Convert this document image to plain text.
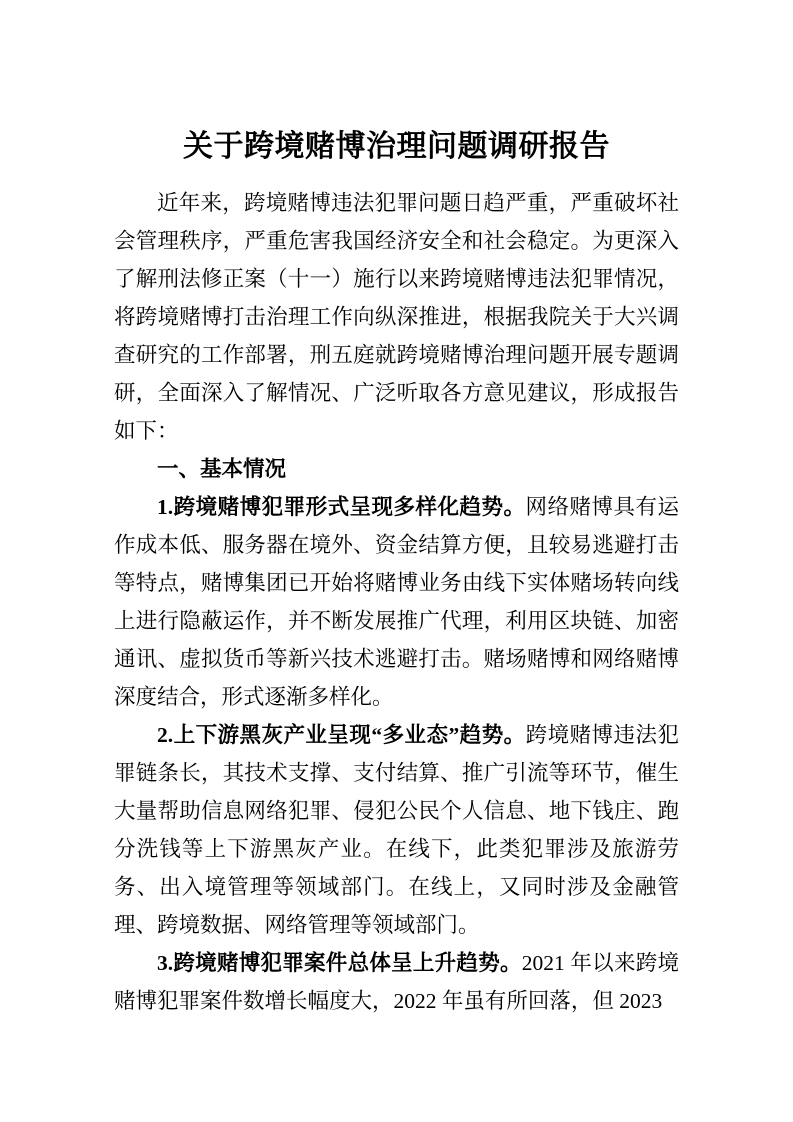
关于跨境赌博治理问题调研报告

近年来，跨境赌博违法犯罪问题日趋严重，严重破坏社会管理秩序，严重危害我国经济安全和社会稳定。为更深入了解刑法修正案（十一）施行以来跨境赌博违法犯罪情况，将跨境赌博打击治理工作向纵深推进，根据我院关于大兴调查研究的工作部署，刑五庭就跨境赌博治理问题开展专题调研，全面深入了解情况、广泛听取各方意见建议，形成报告如下：

一、基本情况

1.跨境赌博犯罪形式呈现多样化趋势。网络赌博具有运作成本低、服务器在境外、资金结算方便，且较易逃避打击等特点，赌博集团已开始将赌博业务由线下实体赌场转向线上进行隐蔽运作，并不断发展推广代理，利用区块链、加密通讯、虚拟货币等新兴技术逃避打击。赌场赌博和网络赌博深度结合，形式逐渐多样化。

2.上下游黑灰产业呈现“多业态”趋势。跨境赌博违法犯罪链条长，其技术支撑、支付结算、推广引流等环节，催生大量帮助信息网络犯罪、侵犯公民个人信息、地下钱庄、跑分洗钱等上下游黑灰产业。在线下，此类犯罪涉及旅游劳务、出入境管理等领域部门。在线上，又同时涉及金融管理、跨境数据、网络管理等领域部门。

3.跨境赌博犯罪案件总体呈上升趋势。2021 年以来跨境赌博犯罪案件数增长幅度大，2022 年虽有所回落，但 2023
